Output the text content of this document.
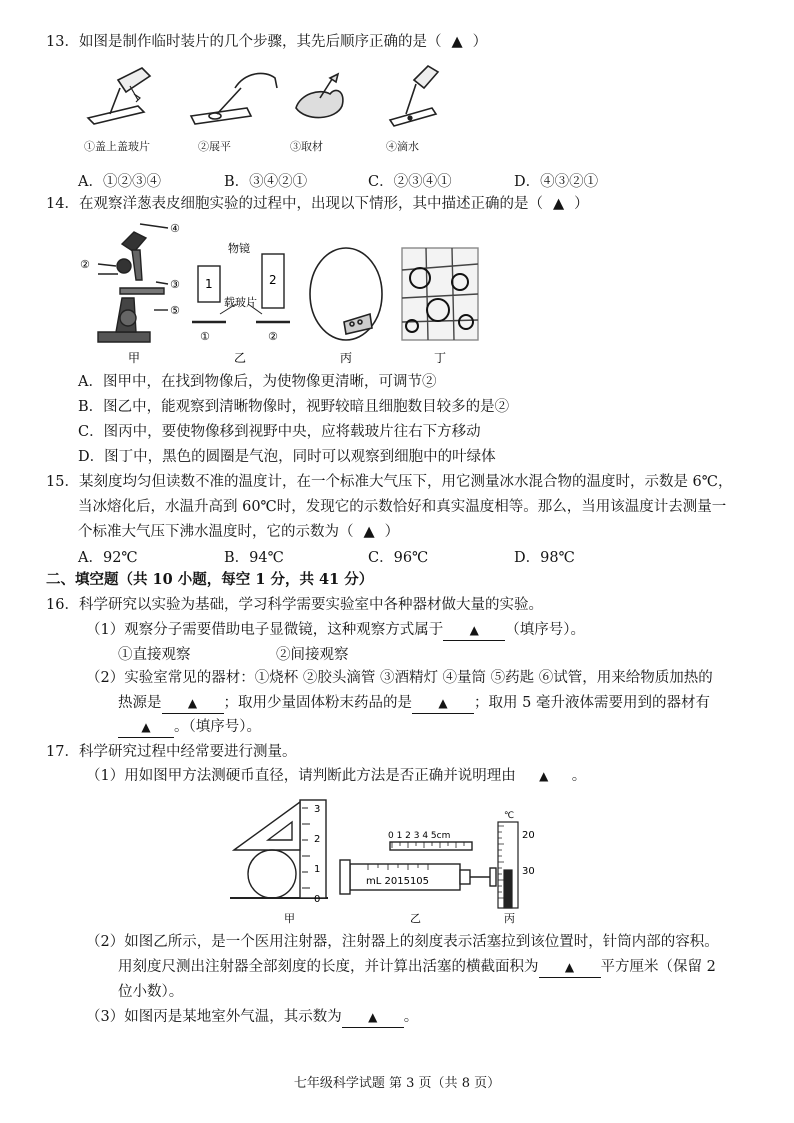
13．如图是制作临时装片的几个步骤，其先后顺序正确的是（ ▲ ）
①盖上盖玻片	②展平	③取材	④滴水
A．①②③④	B．③④②①	C．②③④①	D．④③②①
14．在观察洋葱表皮细胞实验的过程中，出现以下情形，其中描述正确的是（ ▲ ）
④
②
③
⑤
物镜
载玻片
1	2
①	②
甲	乙	丙	丁
A．图甲中，在找到物像后，为使物像更清晰，可调节②
B．图乙中，能观察到清晰物像时，视野较暗且细胞数目较多的是②
C．图丙中，要使物像移到视野中央，应将载玻片往右下方移动
D．图丁中，黑色的圆圈是气泡，同时可以观察到细胞中的叶绿体
15．某刻度均匀但读数不准的温度计，在一个标准大气压下，用它测量冰水混合物的温度时，示数是 6℃，
当冰熔化后，水温升高到 60℃时，发现它的示数恰好和真实温度相等。那么，当用该温度计去测量一
个标准大气压下沸水温度时，它的示数为（ ▲ ）
A．92℃	B．94℃	C．96℃	D．98℃
二、填空题（共 10 小题，每空 1 分，共 41 分）
16．科学研究以实验为基础，学习科学需要实验室中各种器材做大量的实验。
（1）观察分子需要借助电子显微镜，这种观察方式属于 ▲ （填序号）。
①直接观察	②间接观察
（2）实验室常见的器材：①烧杯 ②胶头滴管 ③酒精灯 ④量筒 ⑤药匙 ⑥试管，用来给物质加热的
热源是 ▲ ；取用少量固体粉末药品的是 ▲ ；取用 5 毫升液体需要用到的器材有
▲ 。（填序号）。
17．科学研究过程中经常要进行测量。
（1）用如图甲方法测硬币直径，请判断此方法是否正确并说明理由 ▲ 。
3
2
1
0
0 1 2 3 4 5cm
mL 2015105
℃
20
30
甲	乙	丙
（2）如图乙所示，是一个医用注射器，注射器上的刻度表示活塞拉到该位置时，针筒内部的容积。
用刻度尺测出注射器全部刻度的长度，并计算出活塞的横截面积为 ▲ 平方厘米（保留 2
位小数）。
（3）如图丙是某地室外气温，其示数为 ▲ 。
七年级科学试题 第 3 页（共 8 页）
